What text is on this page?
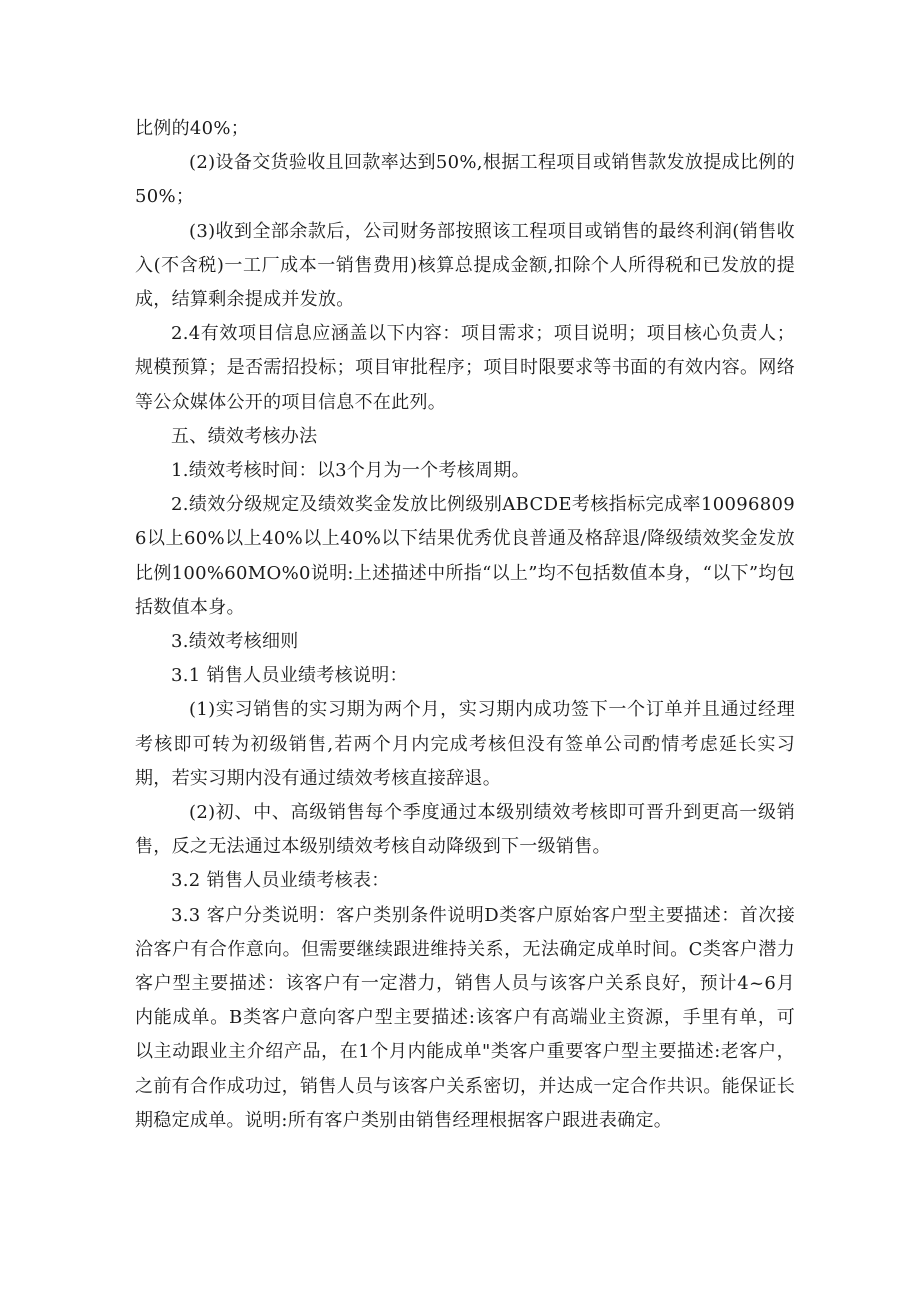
比例的40%；

(2)设备交货验收且回款率达到50%,根据工程项目或销售款发放提成比例的50%；

(3)收到全部余款后，公司财务部按照该工程项目或销售的最终利润(销售收入(不含税)一工厂成本一销售费用)核算总提成金额,扣除个人所得税和已发放的提成，结算剩余提成并发放。

2.4有效项目信息应涵盖以下内容：项目需求；项目说明；项目核心负责人；规模预算；是否需招投标；项目审批程序；项目时限要求等书面的有效内容。网络等公众媒体公开的项目信息不在此列。

五、绩效考核办法

1.绩效考核时间：以3个月为一个考核周期。

2.绩效分级规定及绩效奖金发放比例级别ABCDE考核指标完成率100968096以上60%以上40%以上40%以下结果优秀优良普通及格辞退/降级绩效奖金发放比例100%60MO%0说明:上述描述中所指“以上”均不包括数值本身，“以下”均包括数值本身。

3.绩效考核细则

3.1 销售人员业绩考核说明：

(1)实习销售的实习期为两个月，实习期内成功签下一个订单并且通过经理考核即可转为初级销售,若两个月内完成考核但没有签单公司酌情考虑延长实习期，若实习期内没有通过绩效考核直接辞退。

(2)初、中、高级销售每个季度通过本级别绩效考核即可晋升到更高一级销售，反之无法通过本级别绩效考核自动降级到下一级销售。

3.2 销售人员业绩考核表：

3.3 客户分类说明：客户类别条件说明D类客户原始客户型主要描述：首次接洽客户有合作意向。但需要继续跟进维持关系，无法确定成单时间。C类客户潜力客户型主要描述：该客户有一定潜力，销售人员与该客户关系良好，预计4~6月内能成单。B类客户意向客户型主要描述:该客户有高端业主资源，手里有单，可以主动跟业主介绍产品，在1个月内能成单"类客户重要客户型主要描述:老客户，之前有合作成功过，销售人员与该客户关系密切，并达成一定合作共识。能保证长期稳定成单。说明:所有客户类别由销售经理根据客户跟进表确定。
